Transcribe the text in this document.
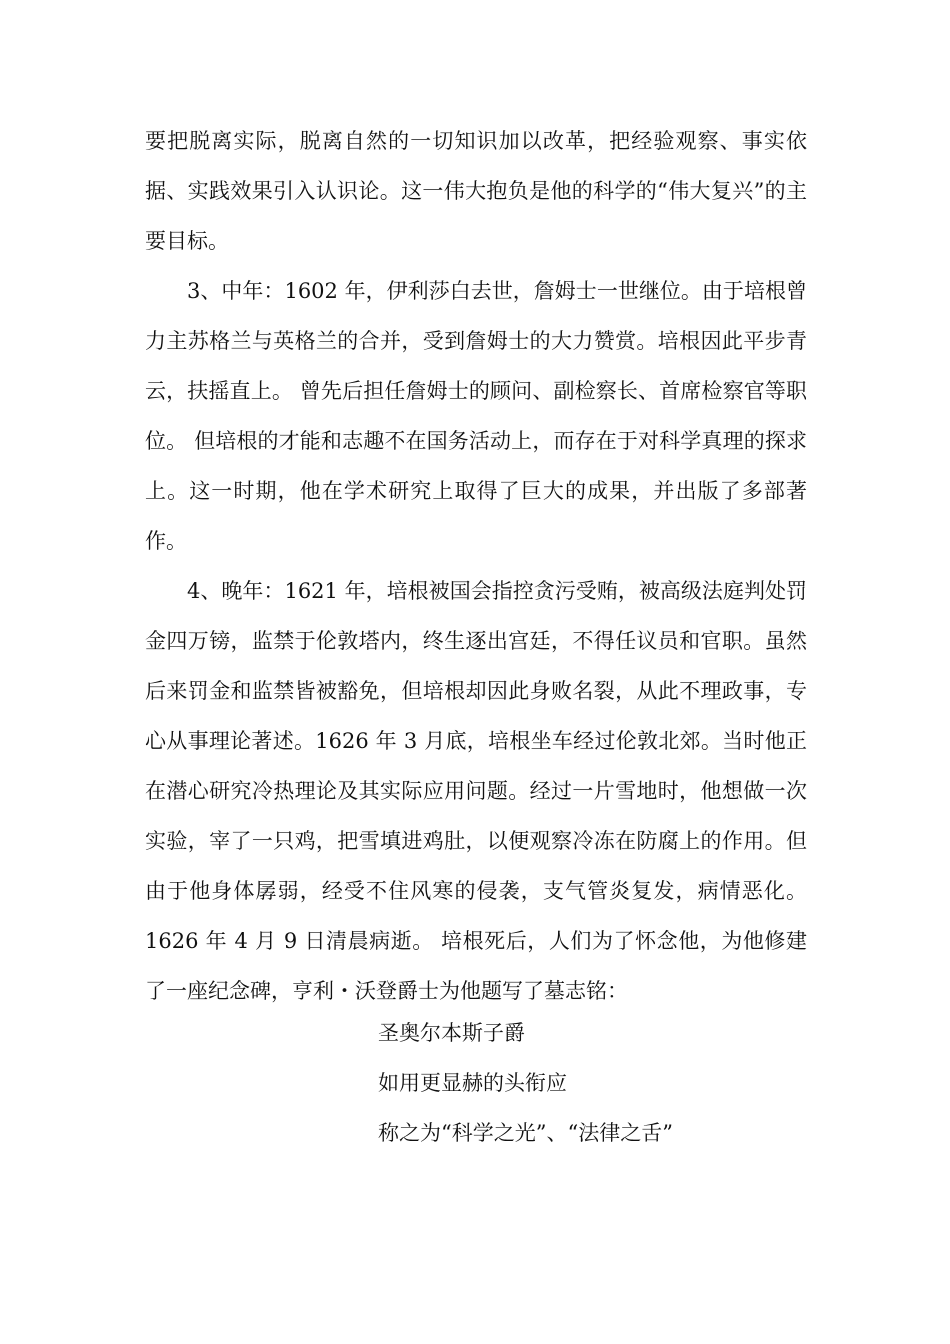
要把脱离实际，脱离自然的一切知识加以改革，把经验观察、事实依据、实践效果引入认识论。这一伟大抱负是他的科学的“伟大复兴”的主要目标。

3、中年：1602 年，伊利莎白去世，詹姆士一世继位。由于培根曾力主苏格兰与英格兰的合并，受到詹姆士的大力赞赏。培根因此平步青云，扶摇直上。 曾先后担任詹姆士的顾问、副检察长、首席检察官等职位。 但培根的才能和志趣不在国务活动上，而存在于对科学真理的探求上。这一时期，他在学术研究上取得了巨大的成果，并出版了多部著作。

4、晚年：1621 年，培根被国会指控贪污受贿，被高级法庭判处罚金四万镑，监禁于伦敦塔内，终生逐出宫廷，不得任议员和官职。虽然后来罚金和监禁皆被豁免，但培根却因此身败名裂，从此不理政事，专心从事理论著述。1626 年 3 月底，培根坐车经过伦敦北郊。当时他正在潜心研究冷热理论及其实际应用问题。经过一片雪地时，他想做一次实验，宰了一只鸡，把雪填进鸡肚，以便观察冷冻在防腐上的作用。但由于他身体孱弱，经受不住风寒的侵袭，支气管炎复发，病情恶化。1626 年 4 月 9 日清晨病逝。 培根死后，人们为了怀念他，为他修建了一座纪念碑，亨利・沃登爵士为他题写了墓志铭：

圣奥尔本斯子爵
如用更显赫的头衔应
称之为“科学之光”、“法律之舌”
